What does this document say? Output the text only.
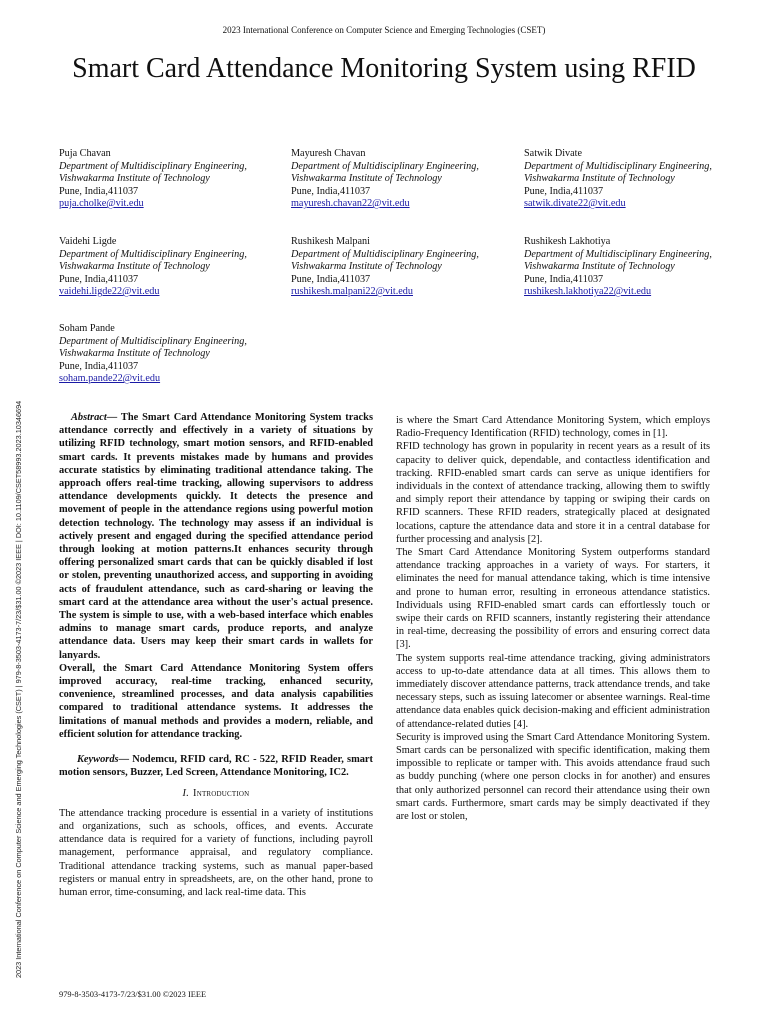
2023 International Conference on Computer Science and Emerging Technologies (CSET)
Smart Card Attendance Monitoring System using RFID
2023 International Conference on Computer Science and Emerging Technologies (CSET) | 979-8-3503-4173-7/23/$31.00 ©2023 IEEE | DOI: 10.1109/CSET58993.2023.10346694
Puja Chavan
Department of Multidisciplinary Engineering,
Vishwakarma Institute of Technology
Pune, India,411037
puja.cholke@vit.edu
Mayuresh Chavan
Department of Multidisciplinary Engineering,
Vishwakarma Institute of Technology
Pune, India,411037
mayuresh.chavan22@vit.edu
Satwik Divate
Department of Multidisciplinary Engineering,
Vishwakarma Institute of Technology
Pune, India,411037
satwik.divate22@vit.edu
Vaidehi Ligde
Department of Multidisciplinary Engineering,
Vishwakarma Institute of Technology
Pune, India,411037
vaidehi.ligde22@vit.edu
Rushikesh Malpani
Department of Multidisciplinary Engineering,
Vishwakarma Institute of Technology
Pune, India,411037
rushikesh.malpani22@vit.edu
Rushikesh Lakhotiya
Department of Multidisciplinary Engineering,
Vishwakarma Institute of Technology
Pune, India,411037
rushikesh.lakhotiya22@vit.edu
Soham Pande
Department of Multidisciplinary Engineering,
Vishwakarma Institute of Technology
Pune, India,411037
soham.pande22@vit.edu

Abstract— The Smart Card Attendance Monitoring System tracks attendance correctly and effectively in a variety of situations by utilizing RFID technology, smart motion sensors, and RFID-enabled smart cards. It prevents mistakes made by humans and provides accurate statistics by eliminating traditional attendance taking. The approach offers real-time tracking, allowing supervisors to address attendance developments quickly. It detects the presence and movement of people in the attendance regions using powerful motion detection technology. The technology may assess if an individual is actively present and engaged during the specified attendance period through looking at motion patterns.It enhances security through offering personalized smart cards that can be quickly disabled if lost or stolen, preventing unauthorized access, and supporting in avoiding acts of fraudulent attendance, such as card-sharing or leaving the smart card at the attendance area without the user's actual presence. The system is simple to use, with a web-based interface which enables admins to manage smart cards, produce reports, and analyze attendance data. Users may keep their smart cards in wallets for lanyards.

Overall, the Smart Card Attendance Monitoring System offers improved accuracy, real-time tracking, enhanced security, convenience, streamlined processes, and data analysis capabilities compared to traditional attendance systems. It addresses the limitations of manual methods and provides a modern, reliable, and efficient solution for attendance tracking.

Keywords— Nodemcu, RFID card, RC - 522, RFID Reader, smart motion sensors, Buzzer, Led Screen, Attendance Monitoring, IC2.

I. Introduction

The attendance tracking procedure is essential in a variety of institutions and organizations, such as schools, offices, and events. Accurate attendance data is required for a variety of functions, including payroll management, performance appraisal, and regulatory compliance. Traditional attendance tracking systems, such as manual paper-based registers or manual entry in spreadsheets, are, on the other hand, prone to human error, time-consuming, and lack real-time data. This

is where the Smart Card Attendance Monitoring System, which employs Radio-Frequency Identification (RFID) technology, comes in [1].

RFID technology has grown in popularity in recent years as a result of its capacity to deliver quick, dependable, and contactless identification and tracking. RFID-enabled smart cards can serve as unique identifiers for individuals in the context of attendance tracking, allowing them to swiftly and simply report their attendance by tapping or swiping their cards on RFID scanners. These RFID readers, strategically placed at designated locations, capture the attendance data and store it in a central database for further processing and analysis [2].

The Smart Card Attendance Monitoring System outperforms standard attendance tracking approaches in a variety of ways. For starters, it eliminates the need for manual attendance taking, which is time intensive and prone to human error, resulting in erroneous attendance statistics. Individuals using RFID-enabled smart cards can effortlessly touch or swipe their cards on RFID scanners, instantly registering their attendance in real-time, decreasing the possibility of errors and ensuring correct data [3].

The system supports real-time attendance tracking, giving administrators access to up-to-date attendance data at all times. This allows them to immediately discover attendance patterns, track attendance trends, and take necessary steps, such as issuing latecomer or absentee warnings. Real-time attendance data enables quick decision-making and efficient administration of attendance-related duties [4].

Security is improved using the Smart Card Attendance Monitoring System. Smart cards can be personalized with specific identification, making them impossible to replicate or tamper with. This avoids attendance fraud such as buddy punching (where one person clocks in for another) and ensures that only authorized personnel can record their attendance using their own smart cards. Furthermore, smart cards may be simply deactivated if they are lost or stolen,

979-8-3503-4173-7/23/$31.00 ©2023 IEEE
